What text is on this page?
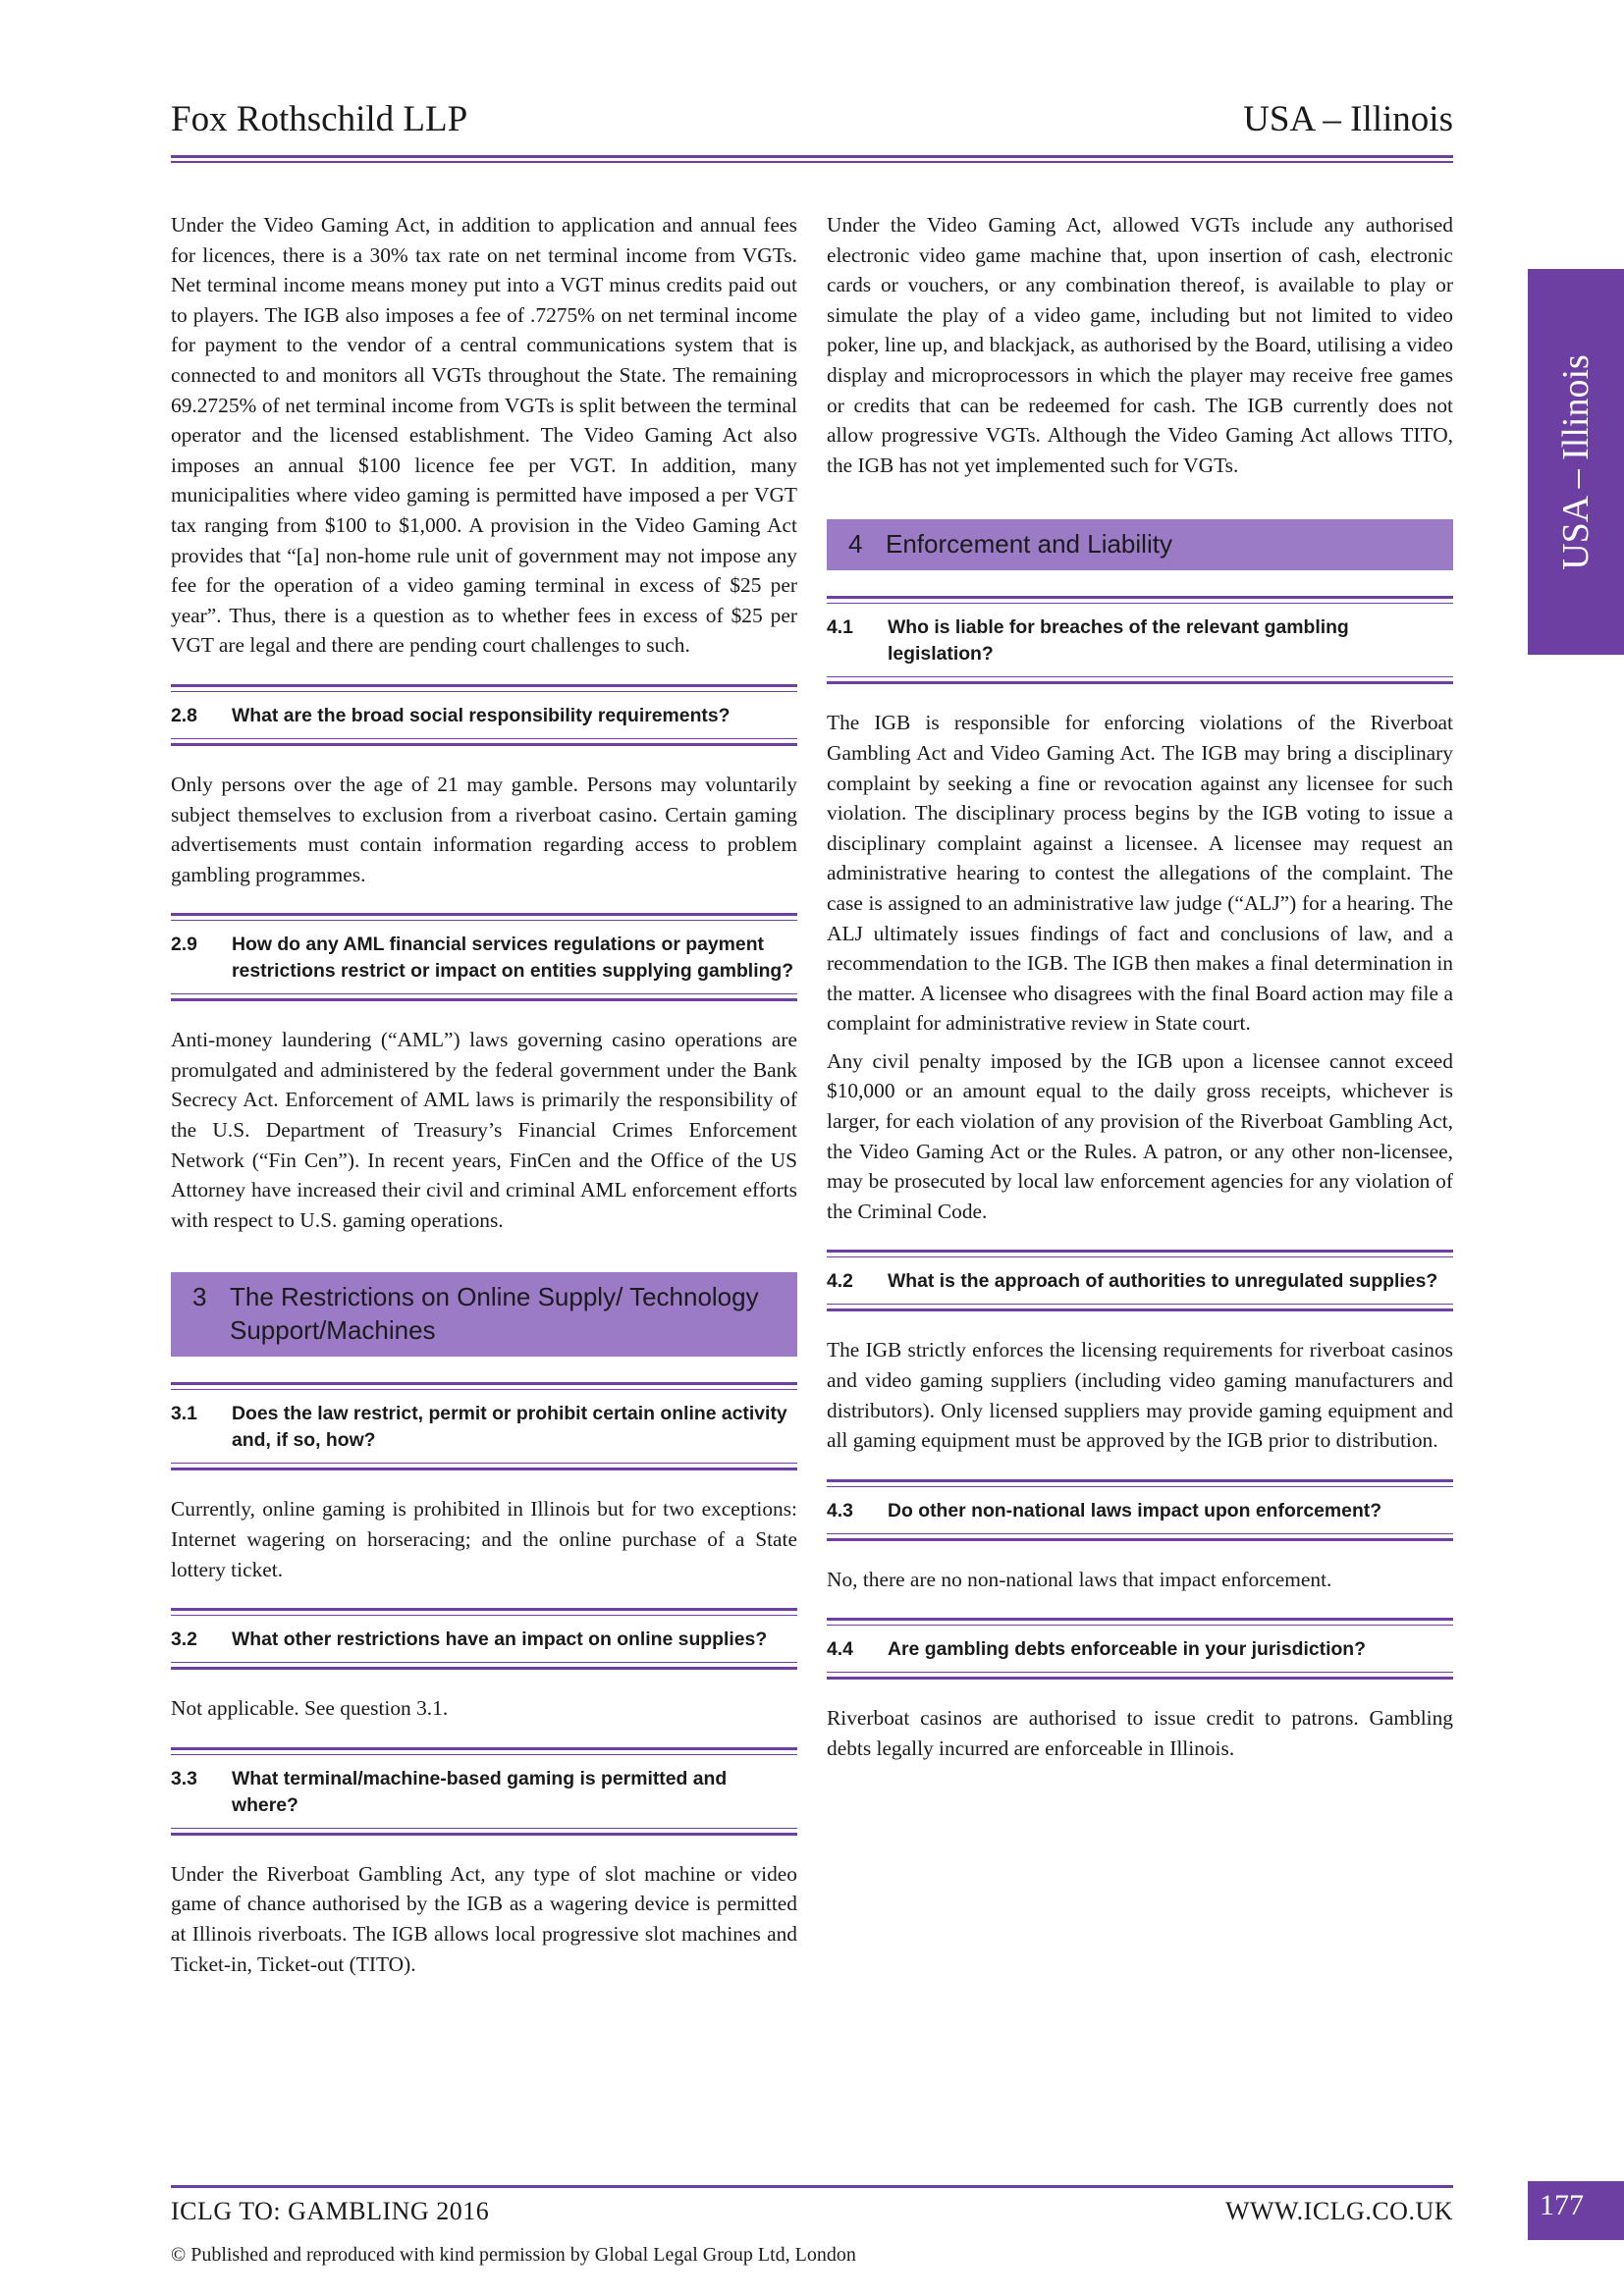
Fox Rothschild LLP	USA – Illinois
USA – Illinois

Under the Video Gaming Act, in addition to application and annual fees for licences, there is a 30% tax rate on net terminal income from VGTs. Net terminal income means money put into a VGT minus credits paid out to players. The IGB also imposes a fee of .7275% on net terminal income for payment to the vendor of a central communications system that is connected to and monitors all VGTs throughout the State. The remaining 69.2725% of net terminal income from VGTs is split between the terminal operator and the licensed establishment. The Video Gaming Act also imposes an annual $100 licence fee per VGT. In addition, many municipalities where video gaming is permitted have imposed a per VGT tax ranging from $100 to $1,000. A provision in the Video Gaming Act provides that “[a] non-home rule unit of government may not impose any fee for the operation of a video gaming terminal in excess of $25 per year”. Thus, there is a question as to whether fees in excess of $25 per VGT are legal and there are pending court challenges to such.

2.8	What are the broad social responsibility requirements?

Only persons over the age of 21 may gamble. Persons may voluntarily subject themselves to exclusion from a riverboat casino. Certain gaming advertisements must contain information regarding access to problem gambling programmes.

2.9	How do any AML financial services regulations or payment restrictions restrict or impact on entities supplying gambling?

Anti-money laundering (“AML”) laws governing casino operations are promulgated and administered by the federal government under the Bank Secrecy Act. Enforcement of AML laws is primarily the responsibility of the U.S. Department of Treasury’s Financial Crimes Enforcement Network (“Fin Cen”). In recent years, FinCen and the Office of the US Attorney have increased their civil and criminal AML enforcement efforts with respect to U.S. gaming operations.

3 The Restrictions on Online Supply/ Technology Support/Machines
3.1	Does the law restrict, permit or prohibit certain online activity and, if so, how?

Currently, online gaming is prohibited in Illinois but for two exceptions: Internet wagering on horseracing; and the online purchase of a State lottery ticket.

3.2	What other restrictions have an impact on online supplies?

Not applicable. See question 3.1.

3.3	What terminal/machine-based gaming is permitted and where?

Under the Riverboat Gambling Act, any type of slot machine or video game of chance authorised by the IGB as a wagering device is permitted at Illinois riverboats. The IGB allows local progressive slot machines and Ticket-in, Ticket-out (TITO).

Under the Video Gaming Act, allowed VGTs include any authorised electronic video game machine that, upon insertion of cash, electronic cards or vouchers, or any combination thereof, is available to play or simulate the play of a video game, including but not limited to video poker, line up, and blackjack, as authorised by the Board, utilising a video display and microprocessors in which the player may receive free games or credits that can be redeemed for cash. The IGB currently does not allow progressive VGTs. Although the Video Gaming Act allows TITO, the IGB has not yet implemented such for VGTs.

4 Enforcement and Liability
4.1	Who is liable for breaches of the relevant gambling legislation?

The IGB is responsible for enforcing violations of the Riverboat Gambling Act and Video Gaming Act. The IGB may bring a disciplinary complaint by seeking a fine or revocation against any licensee for such violation. The disciplinary process begins by the IGB voting to issue a disciplinary complaint against a licensee. A licensee may request an administrative hearing to contest the allegations of the complaint. The case is assigned to an administrative law judge (“ALJ”) for a hearing. The ALJ ultimately issues findings of fact and conclusions of law, and a recommendation to the IGB. The IGB then makes a final determination in the matter. A licensee who disagrees with the final Board action may file a complaint for administrative review in State court.

Any civil penalty imposed by the IGB upon a licensee cannot exceed $10,000 or an amount equal to the daily gross receipts, whichever is larger, for each violation of any provision of the Riverboat Gambling Act, the Video Gaming Act or the Rules. A patron, or any other non-licensee, may be prosecuted by local law enforcement agencies for any violation of the Criminal Code.

4.2	What is the approach of authorities to unregulated supplies?

The IGB strictly enforces the licensing requirements for riverboat casinos and video gaming suppliers (including video gaming manufacturers and distributors). Only licensed suppliers may provide gaming equipment and all gaming equipment must be approved by the IGB prior to distribution.

4.3	Do other non-national laws impact upon enforcement?

No, there are no non-national laws that impact enforcement.

4.4	Are gambling debts enforceable in your jurisdiction?

Riverboat casinos are authorised to issue credit to patrons. Gambling debts legally incurred are enforceable in Illinois.

ICLG TO: GAMBLING 2016	WWW.ICLG.CO.UK	177
© Published and reproduced with kind permission by Global Legal Group Ltd, London
